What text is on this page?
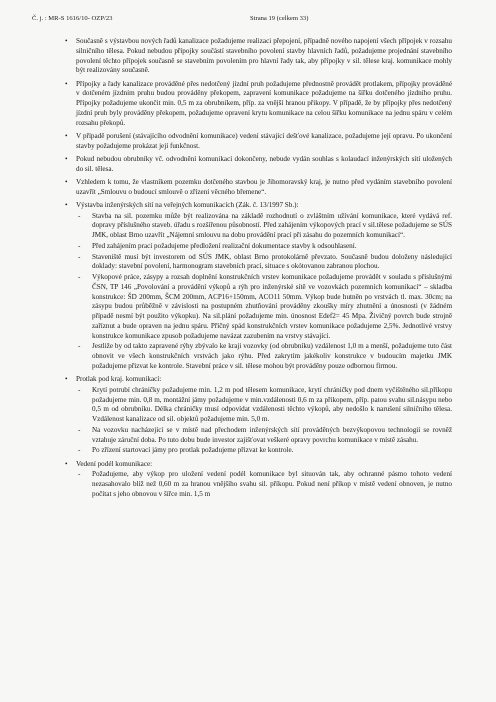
Č. j. : MR-S 1616/10- OZP/23	Strana 19 (celkem 33)
• Současně s výstavbou nových řadů kanalizace požadujeme realizaci přepojení, případně nového napojení všech přípojek v rozsahu silničního tělesa. Pokud nebudou přípojky součástí stavebního povolení stavby hlavních řadů, požadujeme projednání stavebního povolení těchto přípojek současně se stavebním povolením pro hlavní řady tak, aby přípojky v sil. tělese kraj. komunikace mohly být realizovány současně.

• Přípojky a řady kanalizace prováděné přes nedotčený jízdní pruh požadujeme přednostně provádět protlakem, přípojky prováděné v dotčeném jízdním pruhu budou prováděny překopem, zapravení komunikace požadujeme na šířku dotčeného jízdního pruhu. Přípojky požadujeme ukončit min. 0,5 m za obrubníkem, příp. za vnější hranou přikopy. V případě, že by přípojky přes nedotčený jízdní pruh byly prováděny překopem, požadujeme opravení krytu komunikace na celou šířku komunikace na jednu spáru v celém rozsahu překopů.

• V případě porušení (stávajícího odvodnění komunikace) vedení stávající dešťové kanalizace, požadujeme její opravu. Po ukončení stavby požadujeme prokázat její funkčnost.

• Pokud nebudou obrubníky vč. odvodnění komunikací dokončeny, nebude vydán souhlas s kolaudací inženýrských sítí uložených do sil. tělesa.

• Vzhledem k tomu, že vlastníkem pozemku dotčeného stavbou je Jihomoravský kraj, je nutno před vydáním stavebního povolení uzavřít „Smlouvu o budoucí smlouvě o zřízení věcného břemene“.

• Výstavba inženýrských sítí na veřejných komunikacích (Zák. č. 13/1997 Sb.):

- Stavba na sil. pozemku může být realizována na základě rozhodnutí o zvláštním užívání komunikace, které vydává ref. dopravy příslušného staveb. úřadu s rozšířenou působností. Před zahájením výkopových prací v sil.tělese požadujeme se SÚS JMK, oblast Brno uzavřít „Nájemní smlouvu na dobu provádění prací při zásahu do pozemních komunikací“.

- Před zahájením prací požadujeme předložení realizační dokumentace stavby k odsouhlasení.

- Staveniště musí být investorem od SÚS JMK, oblast Brno protokolárně převzato. Současně budou doloženy následující doklady: stavební povolení, harmonogram stavebních prací, situace s okótovanou zabranou plochou.

- Výkopové práce, zásypy a rozsah doplnění konstrukčních vrstev komunikace požadujeme provádět v souladu s příslušnými ČSN, TP 146 „Povolování a provádění výkopů a rýh pro inženýrské sítě ve vozovkách pozemních komunikací“ – skladba konstrukce: ŠD 200mm, ŠCM 200mm, ACP16+150mm, ACO11 50mm. Výkop bude hutněn po vrstvách tl. max. 30cm; na zásypu budou průběžně v závislosti na postupném zhutňování prováděny zkoušky míry zhutnění a únosnosti (v žádném případě nesmí být použito výkopku). Na sil.plání požadujeme min. únosnost Edef2= 45 Mpa. Živičný povrch bude strojně zaříznut a bude opraven na jednu spáru. Příčný spád konstrukčních vrstev komunikace požadujeme 2,5%. Jednotlivé vrstvy konstrukce komunikace zpusob požadujeme navázat zazubením na vrstvy stávající.

- Jestliže by od takto zapravené rýhy zbývalo ke kraji vozovky (od obrubníku) vzdálenost 1,0 m a menší, požadujeme tuto část obnovit ve všech konstrukčních vrstvách jako rýhu. Před zakrytím jakékoliv konstrukce v budoucím majetku JMK požadujeme přizvat ke kontrole. Stavební práce v sil. tělese mohou být prováděny pouze odbornou firmou.

• Protlak pod kraj. komunikací:

- Krytí potrubí chráničky požadujeme min. 1,2 m pod tělesem komunikace, krytí chráničky pod dnem vyčištěného sil.příkopu požadujeme min. 0,8 m, montážní jámy požadujeme v min.vzdálenosti 0,6 m za přikopem, příp. patou svahu sil.násypu nebo 0,5 m od obrubníku. Délka chráničky musí odpovídat vzdálenosti těchto výkopů, aby nedošlo k narušení silničního tělesa. Vzdálenost kanalizace od sil. objektů požadujeme min. 5,0 m.

- Na vozovku nacházející se v místě nad přechodem inženýrských sítí prováděných bezvýkopovou technologií se rovněž vztahuje záruční doba. Po tuto dobu bude investor zajišťovat veškeré opravy povrchu komunikace v místě zásahu.

- Po zřízení startovací jámy pro protlak požadujeme přizvat ke kontrole.

• Vedení podél komunikace:

- Požadujeme, aby výkop pro uložení vedení podél komunikace byl situován tak, aby ochranné pásmo tohoto vedení nezasahovalo blíž než 0,60 m za hranou vnějšího svahu sil. příkopu. Pokud není příkop v místě vedení obnoven, je nutno počítat s jeho obnovou v šířce min. 1,5 m
